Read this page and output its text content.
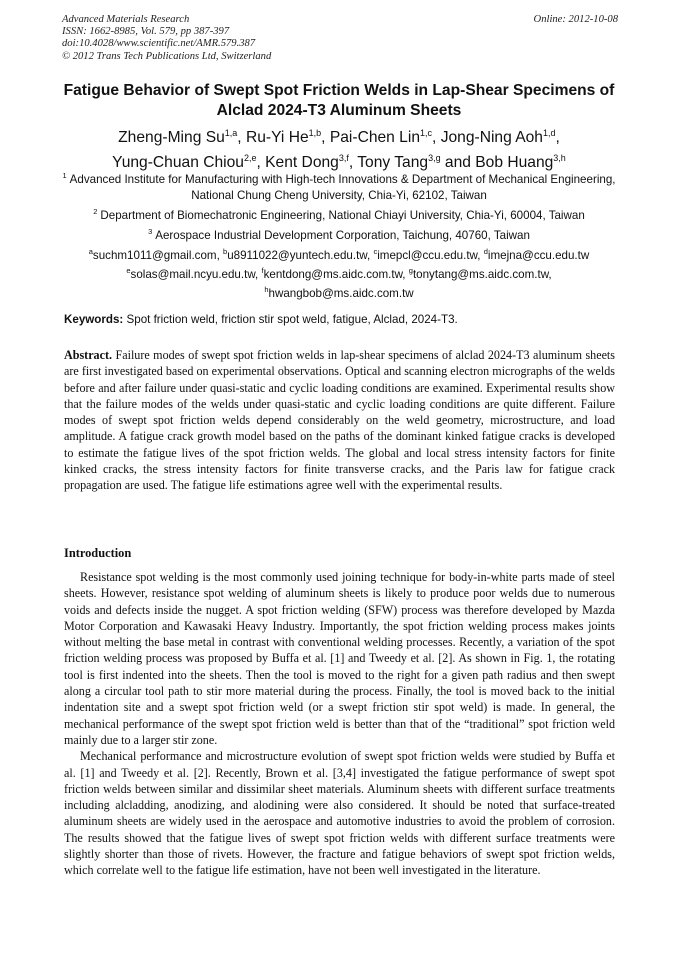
Advanced Materials Research
ISSN: 1662-8985, Vol. 579, pp 387-397
doi:10.4028/www.scientific.net/AMR.579.387
© 2012 Trans Tech Publications Ltd, Switzerland
Online: 2012-10-08
Fatigue Behavior of Swept Spot Friction Welds in Lap-Shear Specimens of Alclad 2024-T3 Aluminum Sheets
Zheng-Ming Su$^{1,a}$, Ru-Yi He$^{1,b}$, Pai-Chen Lin$^{1,c}$, Jong-Ning Aoh$^{1,d}$,
Yung-Chuan Chiou$^{2,e}$, Kent Dong$^{3,f}$, Tony Tang$^{3,g}$ and Bob Huang$^{3,h}$
$^1$ Advanced Institute for Manufacturing with High-tech Innovations & Department of Mechanical Engineering, National Chung Cheng University, Chia-Yi, 62102, Taiwan
$^2$ Department of Biomechatronic Engineering, National Chiayi University, Chia-Yi, 60004, Taiwan
$^3$ Aerospace Industrial Development Corporation, Taichung, 40760, Taiwan
$^a$suchm1011@gmail.com, $^b$u8911022@yuntech.edu.tw, $^c$imepcl@ccu.edu.tw, $^d$imejna@ccu.edu.tw
$^e$solas@mail.ncyu.edu.tw, $^f$kentdong@ms.aidc.com.tw, $^g$tonytang@ms.aidc.com.tw,
$^h$hwangbob@ms.aidc.com.tw
Keywords: Spot friction weld, friction stir spot weld, fatigue, Alclad, 2024-T3.
Abstract. Failure modes of swept spot friction welds in lap-shear specimens of alclad 2024-T3 aluminum sheets are first investigated based on experimental observations. Optical and scanning electron micrographs of the welds before and after failure under quasi-static and cyclic loading conditions are examined. Experimental results show that the failure modes of the welds under quasi-static and cyclic loading conditions are quite different. Failure modes of swept spot friction welds depend considerably on the weld geometry, microstructure, and load amplitude. A fatigue crack growth model based on the paths of the dominant kinked fatigue cracks is developed to estimate the fatigue lives of the spot friction welds. The global and local stress intensity factors for finite kinked cracks, the stress intensity factors for finite transverse cracks, and the Paris law for fatigue crack propagation are used. The fatigue life estimations agree well with the experimental results.
Introduction

Resistance spot welding is the most commonly used joining technique for body-in-white parts made of steel sheets. However, resistance spot welding of aluminum sheets is likely to produce poor welds due to numerous voids and defects inside the nugget. A spot friction welding (SFW) process was therefore developed by Mazda Motor Corporation and Kawasaki Heavy Industry. Importantly, the spot friction welding process makes joints without melting the base metal in contrast with conventional welding processes. Recently, a variation of the spot friction welding process was proposed by Buffa et al. [1] and Tweedy et al. [2]. As shown in Fig. 1, the rotating tool is first indented into the sheets. Then the tool is moved to the right for a given path radius and then swept along a circular tool path to stir more material during the process. Finally, the tool is moved back to the initial indentation site and a swept spot friction weld (or a swept friction stir spot weld) is made. In general, the mechanical performance of the swept spot friction weld is better than that of the “traditional” spot friction weld mainly due to a larger stir zone.

Mechanical performance and microstructure evolution of swept spot friction welds were studied by Buffa et al. [1] and Tweedy et al. [2]. Recently, Brown et al. [3,4] investigated the fatigue performance of swept spot friction welds between similar and dissimilar sheet materials. Aluminum sheets with different surface treatments including alcladding, anodizing, and alodining were also considered. It should be noted that surface-treated aluminum sheets are widely used in the aerospace and automotive industries to avoid the problem of corrosion. The results showed that the fatigue lives of swept spot friction welds with different surface treatments were slightly shorter than those of rivets. However, the fracture and fatigue behaviors of swept spot friction welds, which correlate well to the fatigue life estimation, have not been well investigated in the literature.
